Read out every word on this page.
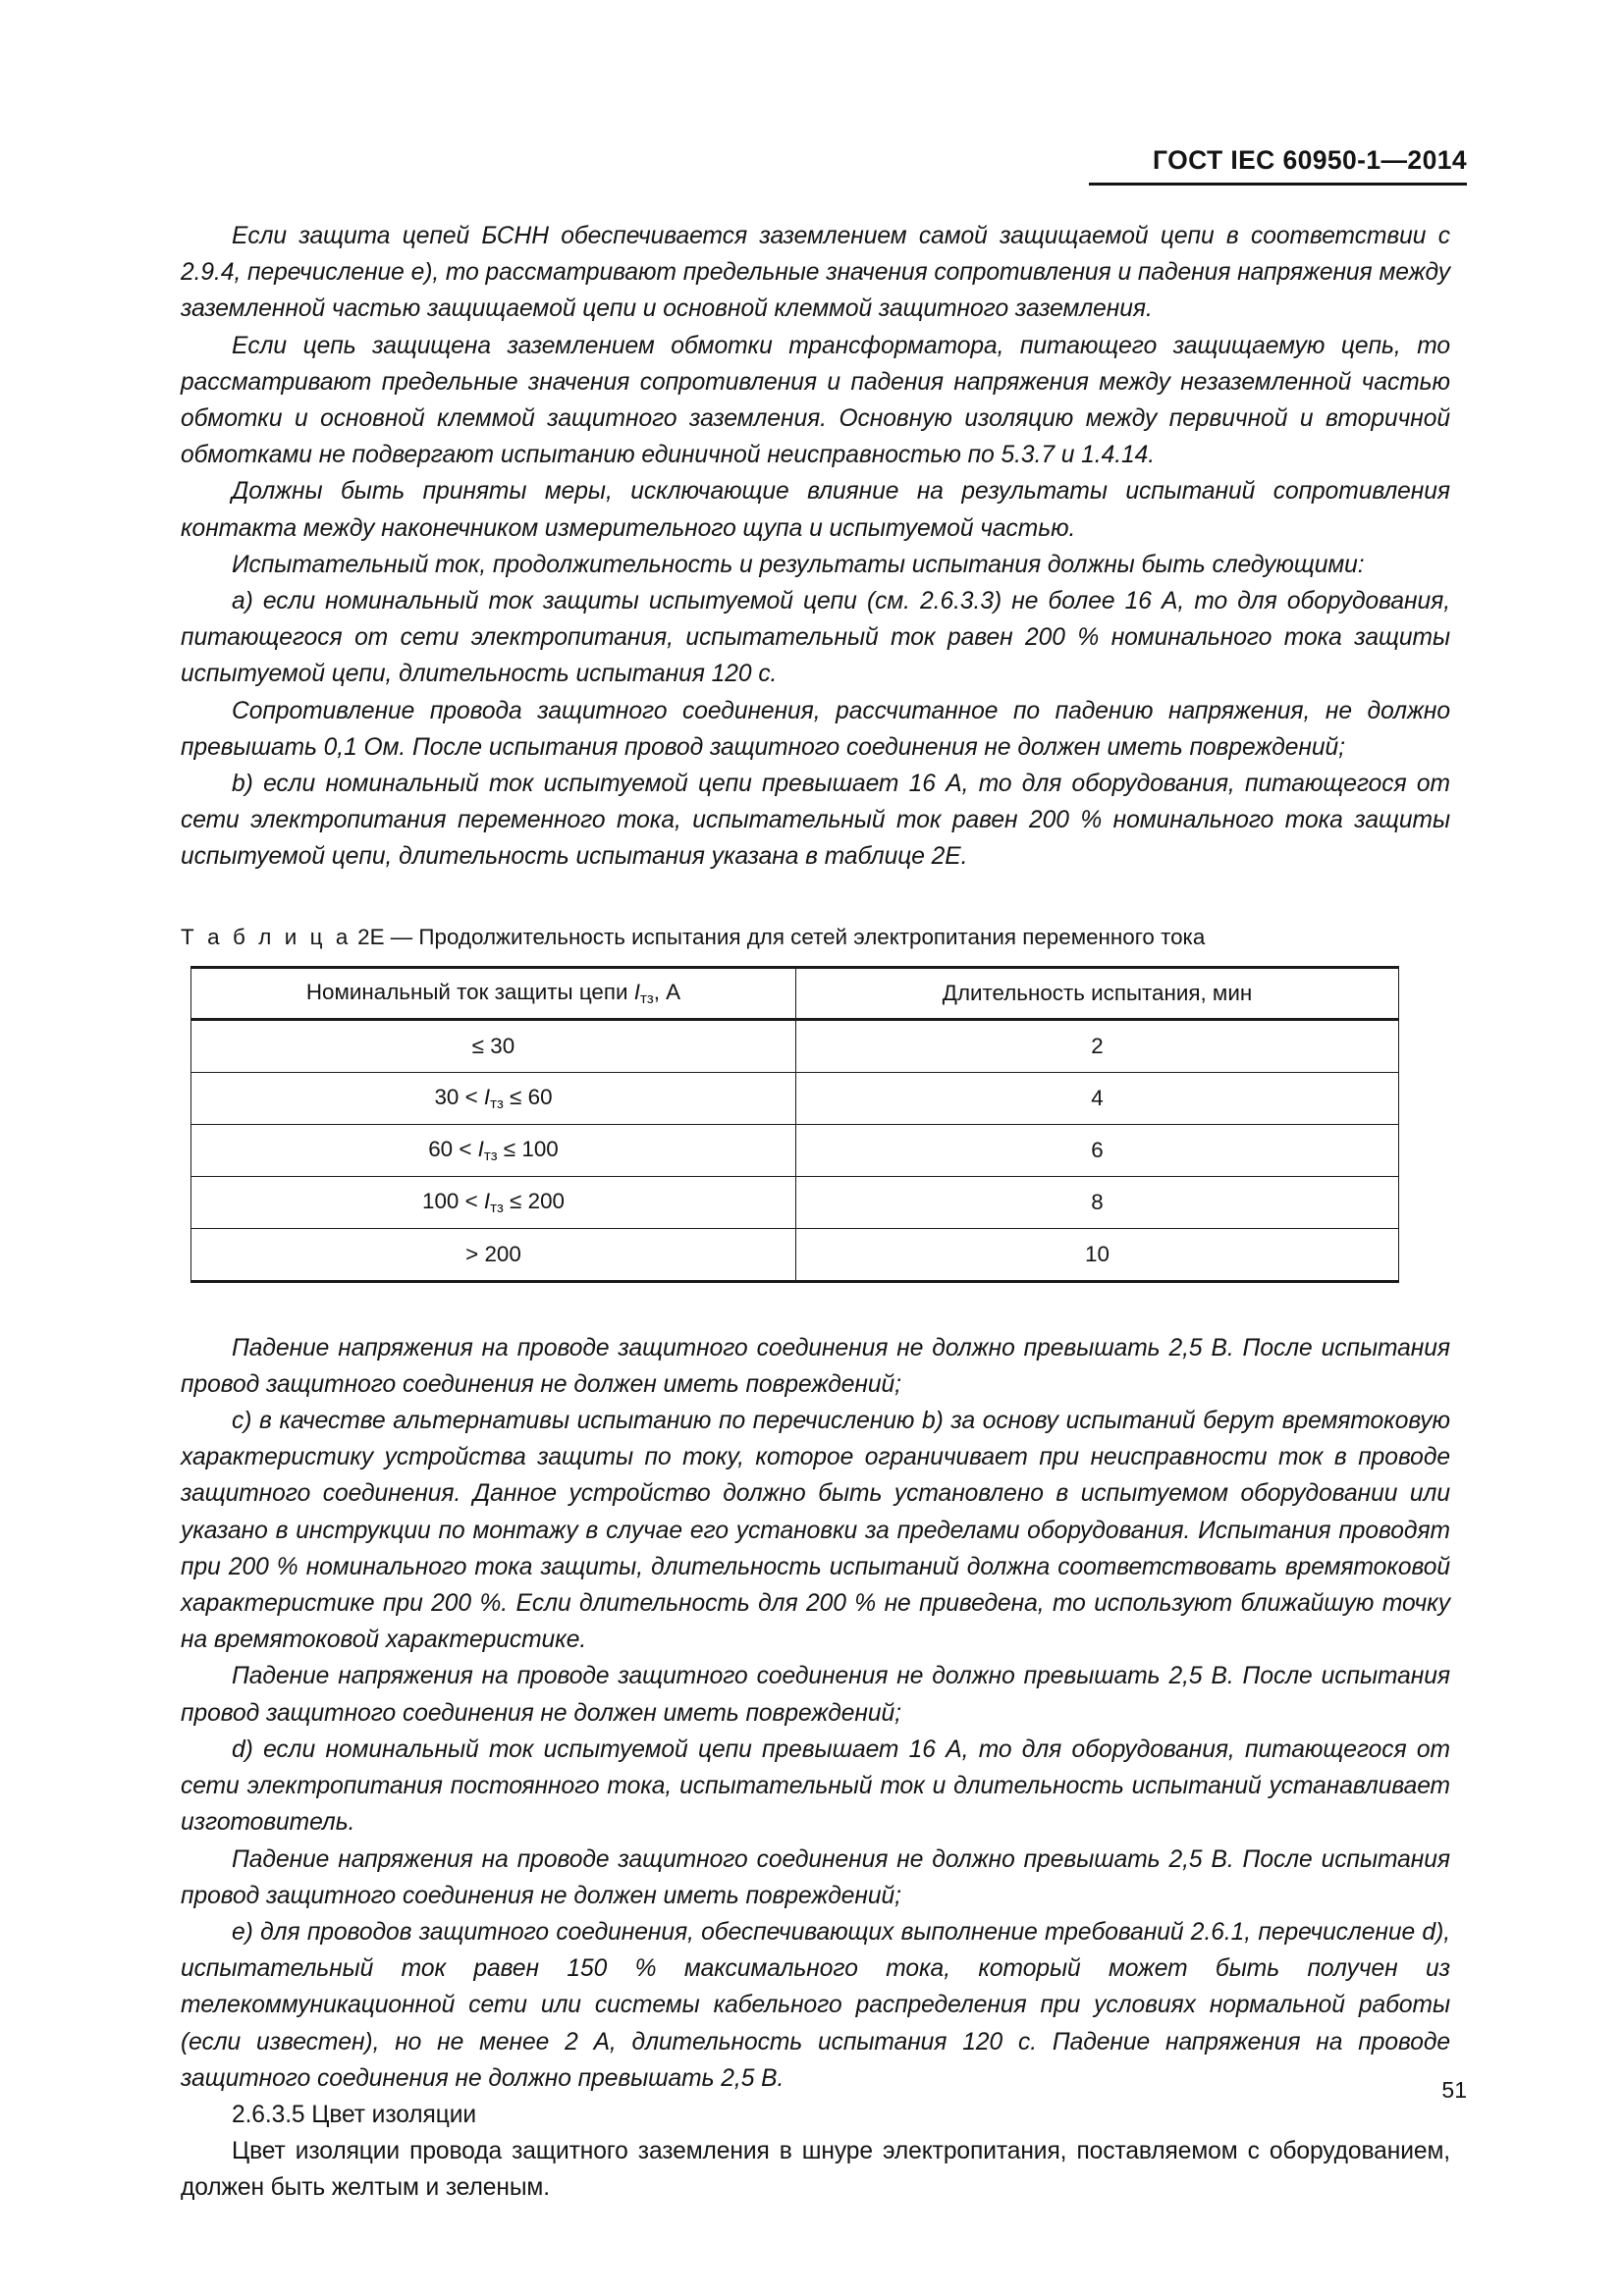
ГОСТ IEC 60950-1—2014

Если защита цепей БСНН обеспечивается заземлением самой защищаемой цепи в соответствии с 2.9.4, перечисление е), то рассматривают предельные значения сопротивления и падения напряжения между заземленной частью защищаемой цепи и основной клеммой защитного заземления.

Если цепь защищена заземлением обмотки трансформатора, питающего защищаемую цепь, то рассматривают предельные значения сопротивления и падения напряжения между незаземленной частью обмотки и основной клеммой защитного заземления. Основную изоляцию между первичной и вторичной обмотками не подвергают испытанию единичной неисправностью по 5.3.7 и 1.4.14.

Должны быть приняты меры, исключающие влияние на результаты испытаний сопротивления контакта между наконечником измерительного щупа и испытуемой частью.

Испытательный ток, продолжительность и результаты испытания должны быть следующими:

а) если номинальный ток защиты испытуемой цепи (см. 2.6.3.3) не более 16 А, то для оборудования, питающегося от сети электропитания, испытательный ток равен 200 % номинального тока защиты испытуемой цепи, длительность испытания 120 с.

Сопротивление провода защитного соединения, рассчитанное по падению напряжения, не должно превышать 0,1 Ом. После испытания провод защитного соединения не должен иметь повреждений;

b) если номинальный ток испытуемой цепи превышает 16 А, то для оборудования, питающегося от сети электропитания переменного тока, испытательный ток равен 200 % номинального тока защиты испытуемой цепи, длительность испытания указана в таблице 2Е.

Т а б л и ц а 2Е — Продолжительность испытания для сетей электропитания переменного тока

Номинальный ток защиты цепи $I_{тз}$, А	Длительность испытания, мин
≤ 30	2
$30 < I_{тз} \le 60$	4
$60 < I_{тз} \le 100$	6
$100 < I_{тз} \le 200$	8
> 200	10

Падение напряжения на проводе защитного соединения не должно превышать 2,5 В. После испытания провод защитного соединения не должен иметь повреждений;

с) в качестве альтернативы испытанию по перечислению b) за основу испытаний берут времятоковую характеристику устройства защиты по току, которое ограничивает при неисправности ток в проводе защитного соединения. Данное устройство должно быть установлено в испытуемом оборудовании или указано в инструкции по монтажу в случае его установки за пределами оборудования. Испытания проводят при 200 % номинального тока защиты, длительность испытаний должна соответствовать времятоковой характеристике при 200 %. Если длительность для 200 % не приведена, то используют ближайшую точку на времятоковой характеристике.

Падение напряжения на проводе защитного соединения не должно превышать 2,5 В. После испытания провод защитного соединения не должен иметь повреждений;

d) если номинальный ток испытуемой цепи превышает 16 А, то для оборудования, питающегося от сети электропитания постоянного тока, испытательный ток и длительность испытаний устанавливает изготовитель.

Падение напряжения на проводе защитного соединения не должно превышать 2,5 В. После испытания провод защитного соединения не должен иметь повреждений;

е) для проводов защитного соединения, обеспечивающих выполнение требований 2.6.1, перечисление d), испытательный ток равен 150 % максимального тока, который может быть получен из телекоммуникационной сети или системы кабельного распределения при условиях нормальной работы (если известен), но не менее 2 А, длительность испытания 120 с. Падение напряжения на проводе защитного соединения не должно превышать 2,5 В.

2.6.3.5 Цвет изоляции

Цвет изоляции провода защитного заземления в шнуре электропитания, поставляемом с оборудованием, должен быть желтым и зеленым.

51
